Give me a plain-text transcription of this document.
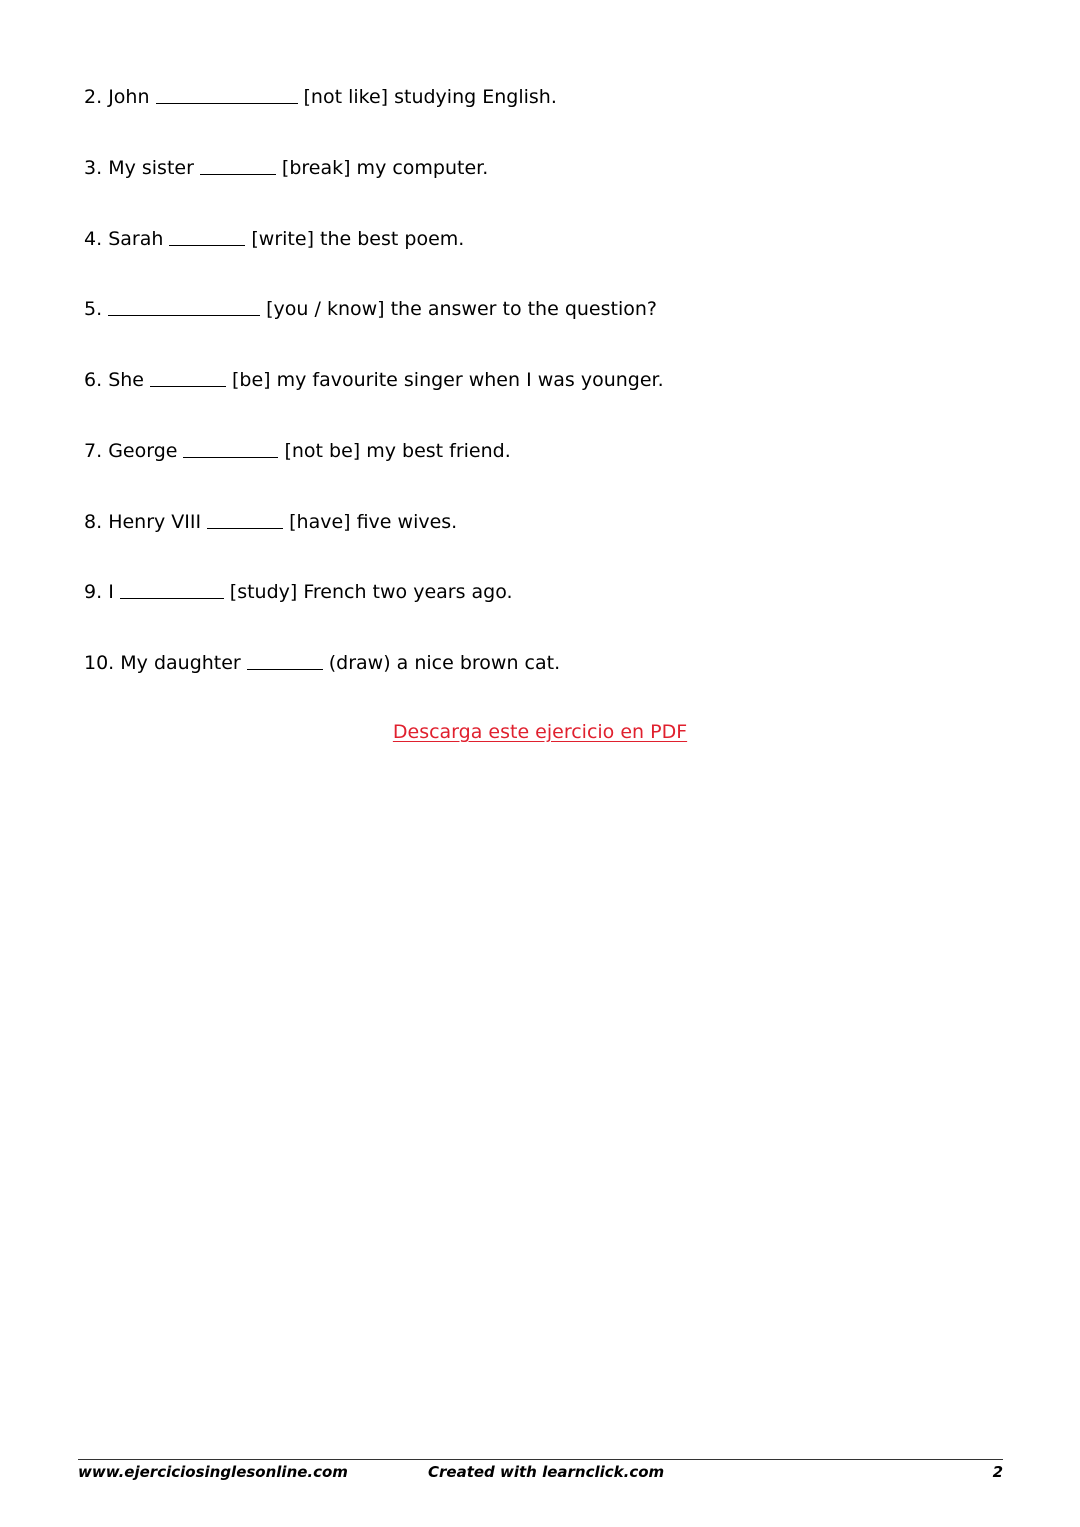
2. John	[not like] studying English.
3. My sister	[break] my computer.
4. Sarah	[write] the best poem.
5.	[you / know] the answer to the question?
6. She	[be] my favourite singer when I was younger.
7. George	[not be] my best friend.
8. Henry VIII	[have] five wives.
9. I	[study] French two years ago.
10. My daughter	(draw) a nice brown cat.
Descarga este ejercicio en PDF
www.ejerciciosinglesonline.com	Created with learnclick.com	2
